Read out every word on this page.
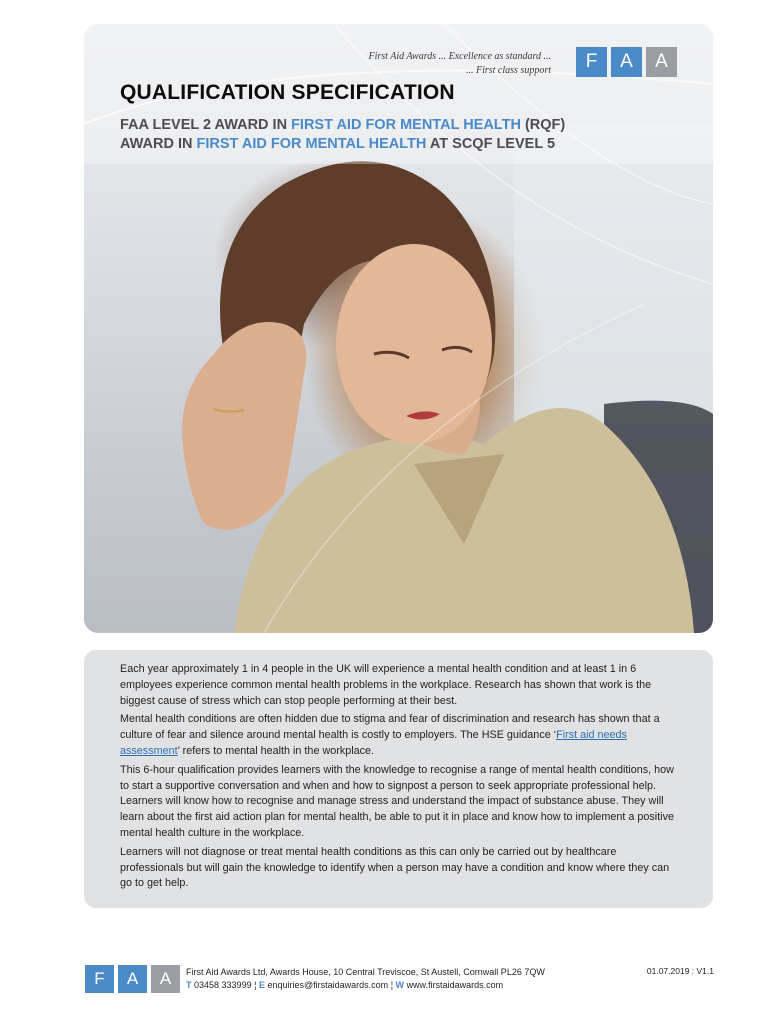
First Aid Awards ... Excellence as standard ...
... First class support	F	A	A
QUALIFICATION SPECIFICATION
FAA LEVEL 2 AWARD IN FIRST AID FOR MENTAL HEALTH (RQF)
AWARD IN FIRST AID FOR MENTAL HEALTH AT SCQF LEVEL 5

Each year approximately 1 in 4 people in the UK will experience a mental health condition and at least 1 in 6 employees experience common mental health problems in the workplace. Research has shown that work is the biggest cause of stress which can stop people performing at their best.

Mental health conditions are often hidden due to stigma and fear of discrimination and research has shown that a culture of fear and silence around mental health is costly to employers. The HSE guidance ‘First aid needs assessment’ refers to mental health in the workplace.

This 6-hour qualification provides learners with the knowledge to recognise a range of mental health conditions, how to start a supportive conversation and when and how to signpost a person to seek appropriate professional help. Learners will know how to recognise and manage stress and understand the impact of substance abuse. They will learn about the first aid action plan for mental health, be able to put it in place and know how to implement a positive mental health culture in the workplace.

Learners will not diagnose or treat mental health conditions as this can only be carried out by healthcare professionals but will gain the knowledge to identify when a person may have a condition and know where they can go to get help.

F	A	A	First Aid Awards Ltd, Awards House, 10 Central Treviscoe, St Austell, Cornwall PL26 7QW
T 03458 333999 ¦ E enquiries@firstaidawards.com ¦ W www.firstaidawards.com
01.07.2019 : V1.1
